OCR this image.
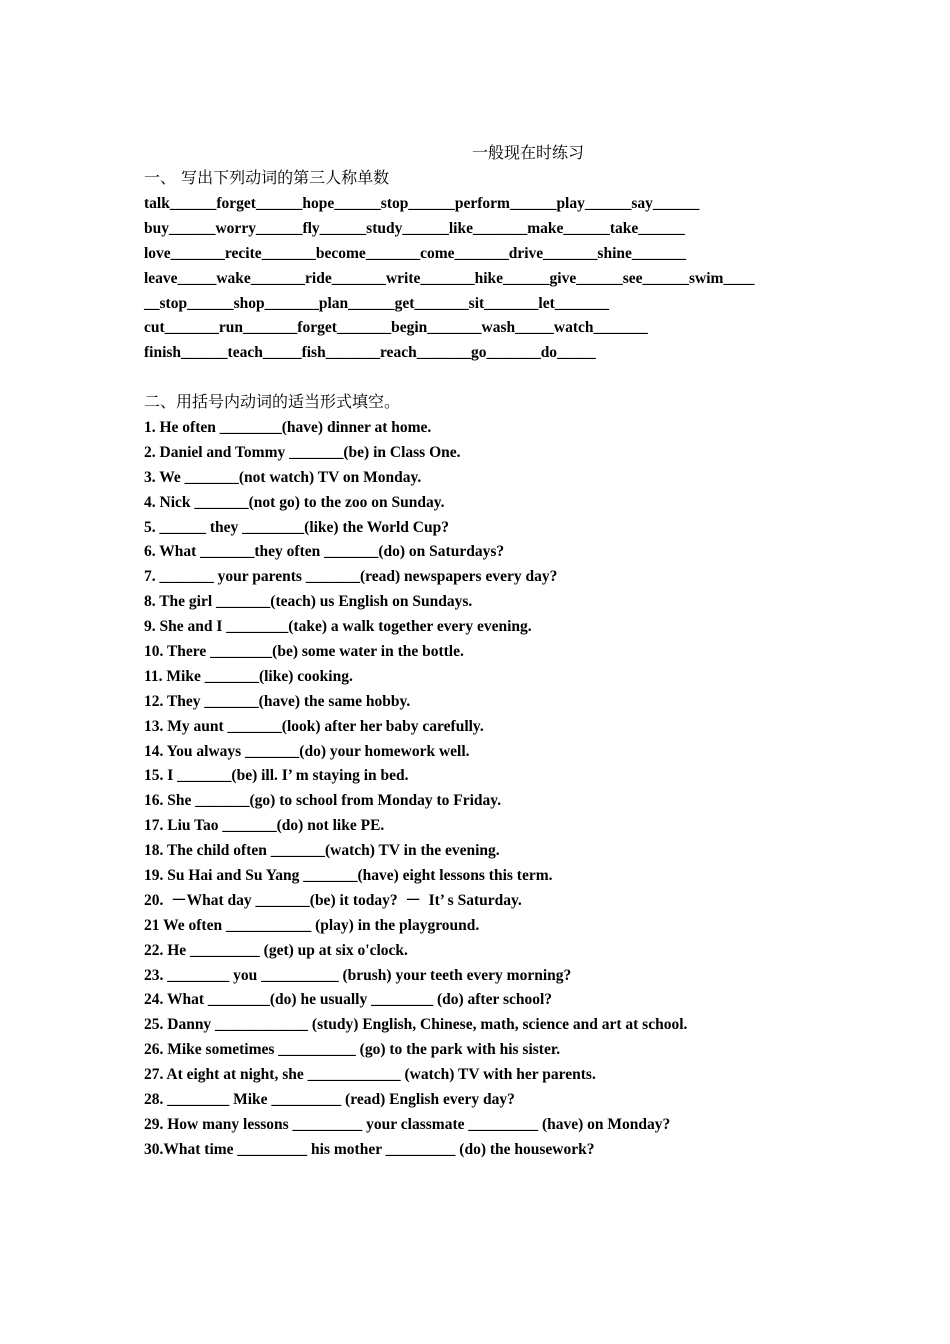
一般现在时练习
一、 写出下列动词的第三人称单数
talk______forget______hope______stop______perform______play______say______
buy______worry______fly______study______like_______make______take______
love_______recite_______become_______come_______drive_______shine_______
leave_____wake_______ride_______write_______hike______give______see______swim____
__stop______shop_______plan______get_______sit_______let_______
cut_______run_______forget_______begin_______wash_____watch_______
finish______teach_____fish_______reach_______go_______do_____
二、用括号内动词的适当形式填空。
1. He often ________(have) dinner at home.
2. Daniel and Tommy _______(be) in Class One.
3. We _______(not watch) TV on Monday.
4. Nick _______(not go) to the zoo on Sunday.
5. ______ they ________(like) the World Cup?
6. What _______they often _______(do) on Saturdays?
7. _______ your parents _______(read) newspapers every day?
8. The girl _______(teach) us English on Sundays.
9. She and I ________(take) a walk together every evening.
10. There ________(be) some water in the bottle.
11. Mike _______(like) cooking.
12. They _______(have) the same hobby.
13. My aunt _______(look) after her baby carefully.
14. You always _______(do) your homework well.
15. I _______(be) ill. I’ m staying in bed.
16. She _______(go) to school from Monday to Friday.
17. Liu Tao _______(do) not like PE.
18. The child often _______(watch) TV in the evening.
19. Su Hai and Su Yang _______(have) eight lessons this term.
20.  －What day _______(be) it today?  －  It’ s Saturday.
21 We often ___________ (play) in the playground.
22. He _________ (get) up at six o'clock.
23. ________ you __________ (brush) your teeth every morning?
24. What ________(do) he usually ________ (do) after school?
25. Danny ____________ (study) English, Chinese, math, science and art at school.
26. Mike sometimes __________ (go) to the park with his sister.
27. At eight at night, she ____________ (watch) TV with her parents.
28. ________ Mike _________ (read) English every day?
29. How many lessons _________ your classmate _________ (have) on Monday?
30.What time _________ his mother _________ (do) the housework?
